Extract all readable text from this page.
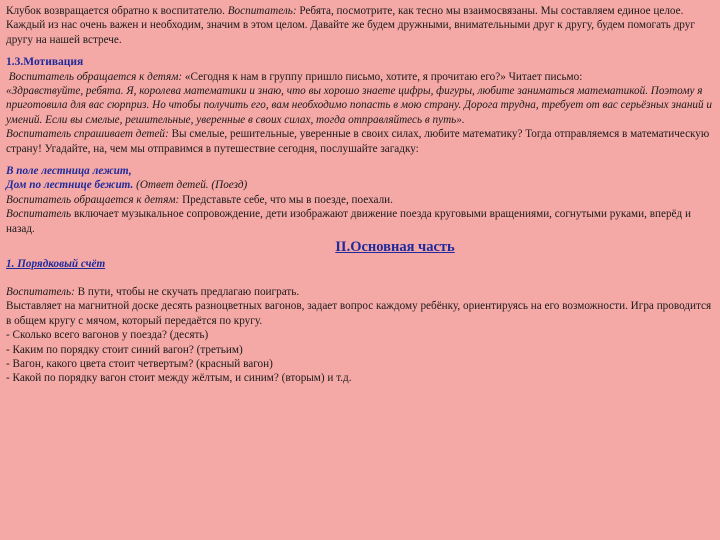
Клубок возвращается обратно к воспитателю. Воспитатель: Ребята, посмотрите, как тесно мы взаимосвязаны. Мы составляем единое целое. Каждый из нас очень важен и необходим, значим в этом целом. Давайте же будем дружными, внимательными друг к другу, будем помогать друг другу на нашей встрече.

1.3.Мотивация

Воспитатель обращается к детям: «Сегодня к нам в группу пришло письмо, хотите, я прочитаю его?» Читает письмо:

«Здравствуйте, ребята. Я, королева математики и знаю, что вы хорошо знаете цифры, фигуры, любите заниматься математикой. Поэтому я приготовила для вас сюрприз. Но чтобы получить его, вам необходимо попасть в мою страну. Дорога трудна, требует от вас серьёзных знаний и умений. Если вы смелые, решительные, уверенные в своих силах, тогда отправляйтесь в путь».

Воспитатель спрашивает детей: Вы смелые, решительные, уверенные в своих силах, любите математику? Тогда отправляемся в математическую страну! Угадайте, на, чем мы отправимся в путешествие сегодня, послушайте загадку:

В поле лестница лежит,
Дом по лестнице бежит. (Ответ детей. (Поезд)
Воспитатель обращается к детям: Представьте себе, что мы в поезде, поехали.

Воспитатель включает музыкальное сопровождение, дети изображают движение поезда круговыми вращениями, согнутыми руками, вперёд и назад.

II.Основная часть
1. Порядковый счёт
Воспитатель: В пути, чтобы не скучать предлагаю поиграть.

Выставляет на магнитной доске десять разноцветных вагонов, задает вопрос каждому ребёнку, ориентируясь на его возможности. Игра проводится в общем кругу с мячом, который передаётся по кругу.

- Сколько всего вагонов у поезда? (десять)
- Каким по порядку стоит синий вагон? (третьим)
- Вагон, какого цвета стоит четвертым? (красный вагон)
- Какой по порядку вагон стоит между жёлтым, и синим? (вторым) и т.д.
